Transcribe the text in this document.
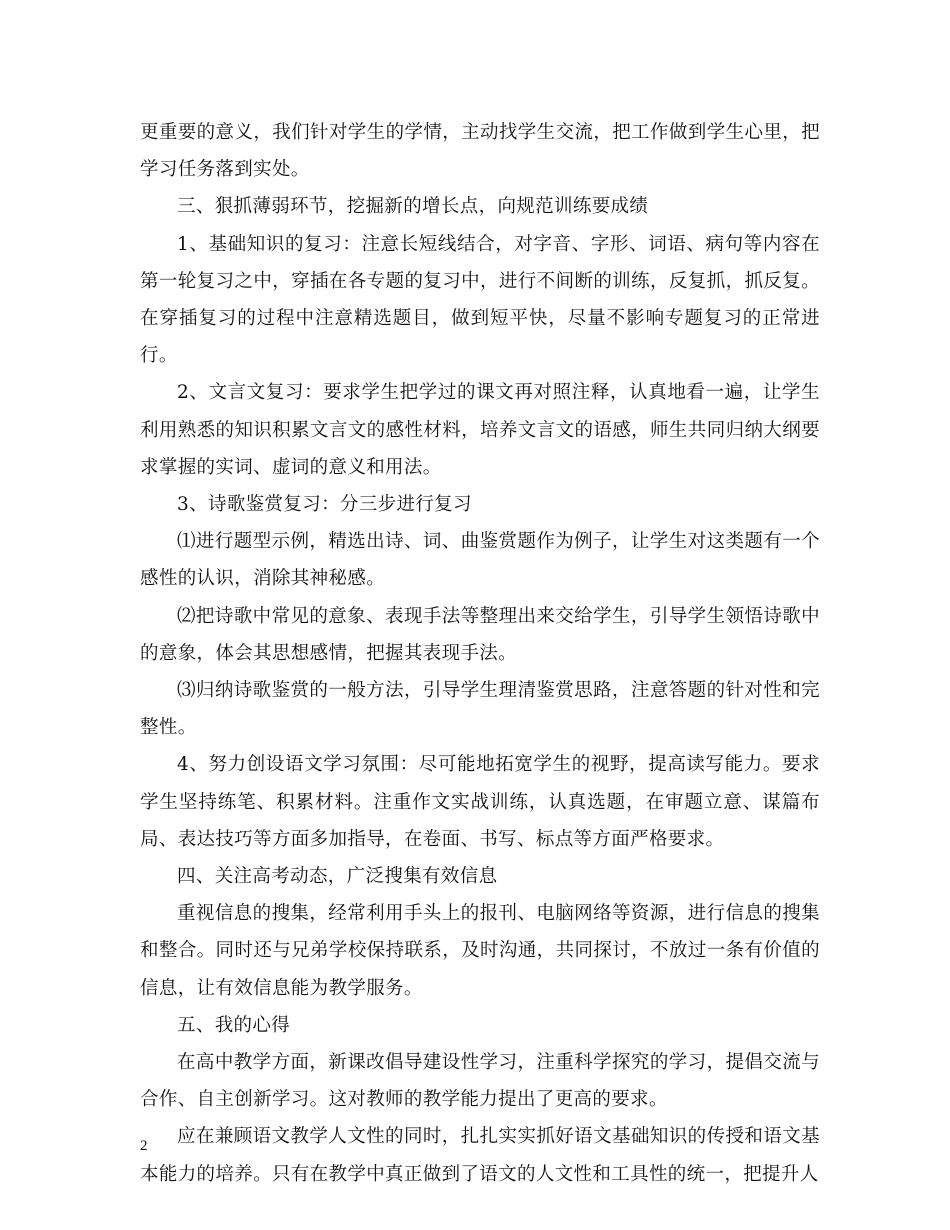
更重要的意义，我们针对学生的学情，主动找学生交流，把工作做到学生心里，把学习任务落到实处。

三、狠抓薄弱环节，挖掘新的增长点，向规范训练要成绩

1、基础知识的复习：注意长短线结合，对字音、字形、词语、病句等内容在第一轮复习之中，穿插在各专题的复习中，进行不间断的训练，反复抓，抓反复。在穿插复习的过程中注意精选题目，做到短平快，尽量不影响专题复习的正常进行。

2、文言文复习：要求学生把学过的课文再对照注释，认真地看一遍，让学生利用熟悉的知识积累文言文的感性材料，培养文言文的语感，师生共同归纳大纲要求掌握的实词、虚词的意义和用法。

3、诗歌鉴赏复习：分三步进行复习

⑴进行题型示例，精选出诗、词、曲鉴赏题作为例子，让学生对这类题有一个感性的认识，消除其神秘感。

⑵把诗歌中常见的意象、表现手法等整理出来交给学生，引导学生领悟诗歌中的意象，体会其思想感情，把握其表现手法。

⑶归纳诗歌鉴赏的一般方法，引导学生理清鉴赏思路，注意答题的针对性和完整性。

4、努力创设语文学习氛围：尽可能地拓宽学生的视野，提高读写能力。要求学生坚持练笔、积累材料。注重作文实战训练，认真选题，在审题立意、谋篇布局、表达技巧等方面多加指导，在卷面、书写、标点等方面严格要求。

四、关注高考动态，广泛搜集有效信息

重视信息的搜集，经常利用手头上的报刊、电脑网络等资源，进行信息的搜集和整合。同时还与兄弟学校保持联系，及时沟通，共同探讨，不放过一条有价值的信息，让有效信息能为教学服务。

五、我的心得

在高中教学方面，新课改倡导建设性学习，注重科学探究的学习，提倡交流与合作、自主创新学习。这对教师的教学能力提出了更高的要求。

应在兼顾语文教学人文性的同时，扎扎实实抓好语文基础知识的传授和语文基本能力的培养。只有在教学中真正做到了语文的人文性和工具性的统一，把提升人

2
